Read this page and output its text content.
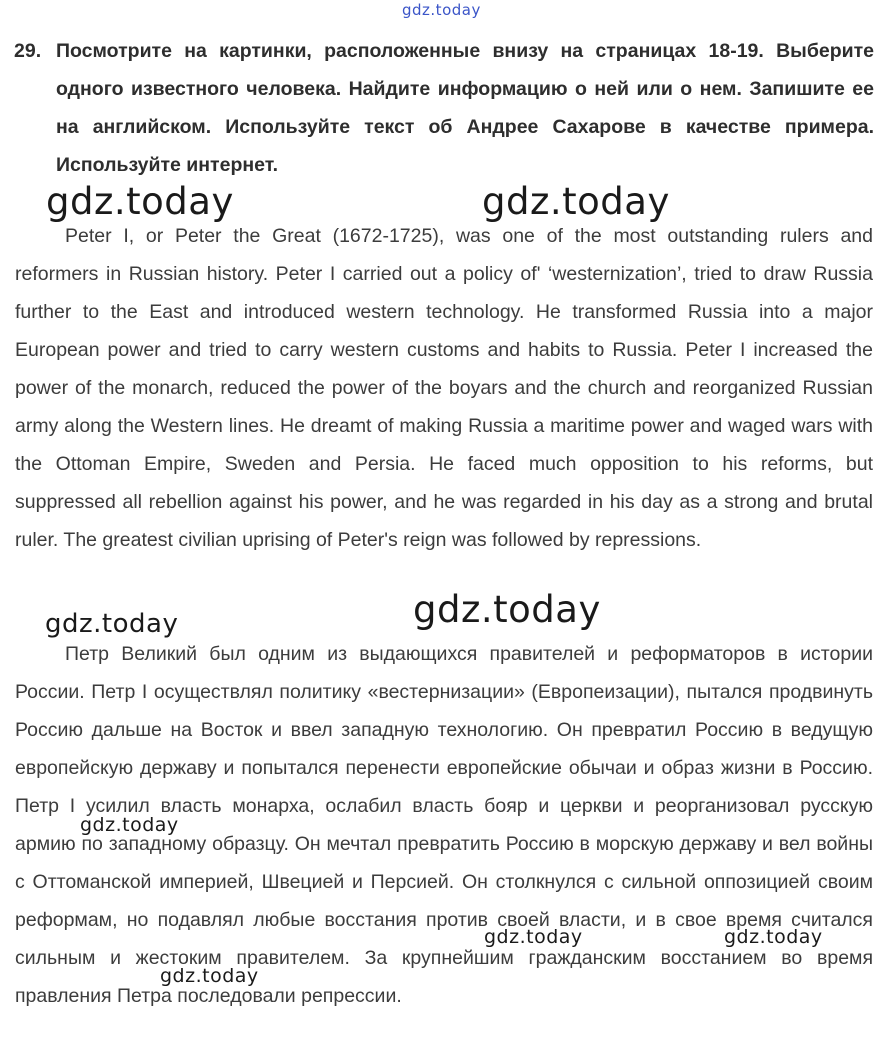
gdz.today
29. Посмотрите на картинки, расположенные внизу на страницах 18-19. Выберите одного известного человека. Найдите информацию о ней или о нем. Запишите ее на английском. Используйте текст об Андрее Сахарове в качестве примера. Используйте интернет.
gdz.today	gdz.today
Peter I, or Peter the Great (1672-1725), was one of the most outstanding rulers and reformers in Russian history. Peter I carried out a policy of' ‘westernization’, tried to draw Russia further to the East and introduced western technology. He transformed Russia into a major European power and tried to carry western customs and habits to Russia. Peter I increased the power of the monarch, reduced the power of the boyars and the church and reorganized Russian army along the Western lines. He dreamt of making Russia a maritime power and waged wars with the Ottoman Empire, Sweden and Persia. He faced much opposition to his reforms, but suppressed all rebellion against his power, and he was regarded in his day as a strong and brutal ruler. The greatest civilian uprising of Peter's reign was followed by repressions.
gdz.today	gdz.today
Петр Великий был одним из выдающихся правителей и реформаторов в истории России. Петр I осуществлял политику «вестернизации» (Европеизации), пытался продвинуть Россию дальше на Восток и ввел западную технологию. Он превратил Россию в ведущую европейскую державу и попытался перенести европейские обычаи и образ жизни в Россию. Петр I усилил власть монарха, ослабил власть бояр и церкви и реорганизовал русскую армию по западному образцу. Он мечтал превратить Россию в морскую державу и вел войны с Оттоманской империей, Швецией и Персией. Он столкнулся с сильной оппозицией своим реформам, но подавлял любые восстания против своей власти, и в свое время считался сильным и жестоким правителем. За крупнейшим гражданским восстанием во время правления Петра последовали репрессии.
gdz.today
gdz.today	gdz.today
gdz.today
